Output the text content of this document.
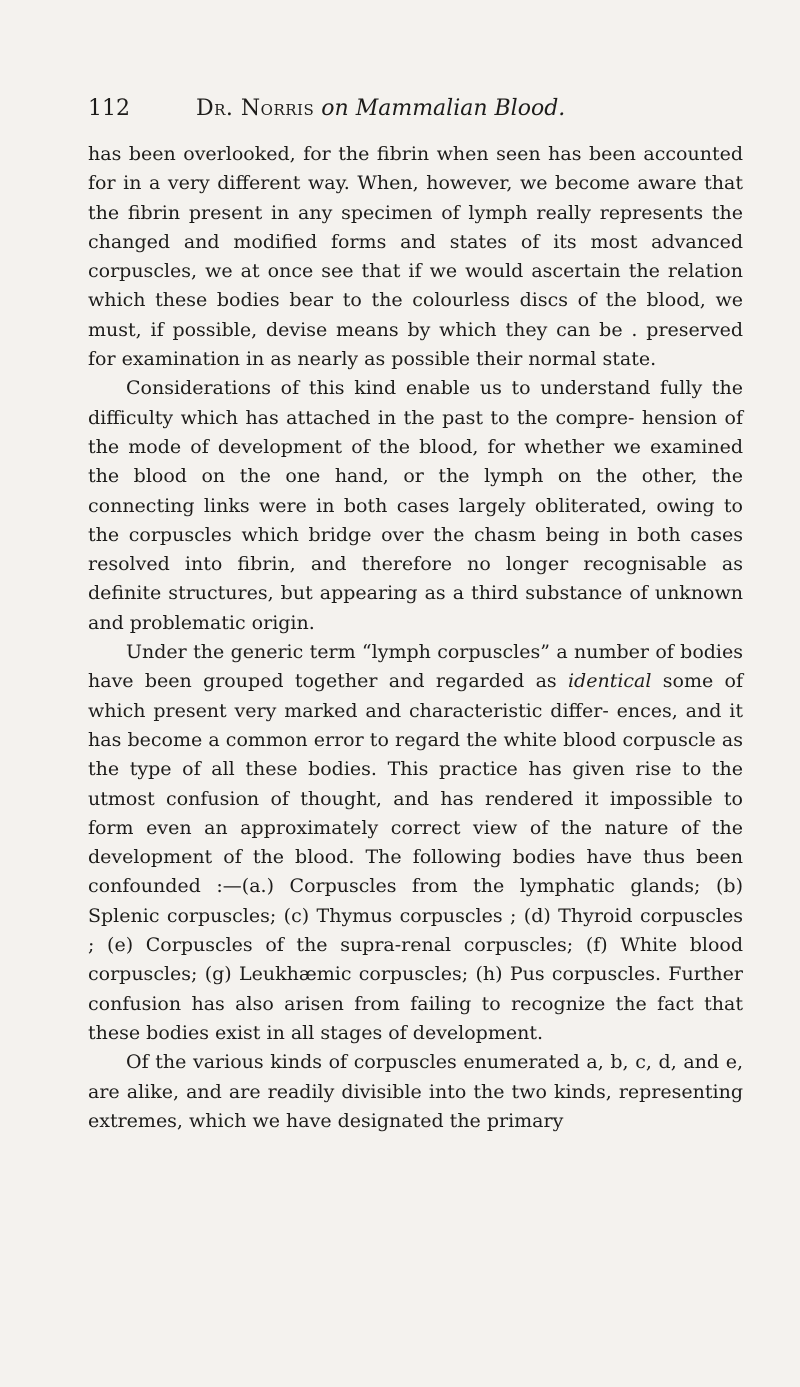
112	Dr. Norris on Mammalian Blood.

has been overlooked, for the fibrin when seen has been accounted for in a very different way. When, however, we become aware that the fibrin present in any specimen of lymph really represents the changed and modified forms and states of its most advanced corpuscles, we at once see that if we would ascertain the relation which these bodies bear to the colourless discs of the blood, we must, if possible, devise means by which they can be . preserved for examination in as nearly as possible their normal state.

Considerations of this kind enable us to understand fully the difficulty which has attached in the past to the compre- hension of the mode of development of the blood, for whether we examined the blood on the one hand, or the lymph on the other, the connecting links were in both cases largely obliterated, owing to the corpuscles which bridge over the chasm being in both cases resolved into fibrin, and therefore no longer recognisable as definite structures, but appearing as a third substance of unknown and problematic origin.

Under the generic term “lymph corpuscles” a number of bodies have been grouped together and regarded as identical some of which present very marked and characteristic differ- ences, and it has become a common error to regard the white blood corpuscle as the type of all these bodies. This practice has given rise to the utmost confusion of thought, and has rendered it impossible to form even an approximately correct view of the nature of the development of the blood. The following bodies have thus been confounded :—(a.) Corpuscles from the lymphatic glands; (b) Splenic corpuscles; (c) Thymus corpuscles ; (d) Thyroid corpuscles ; (e) Corpuscles of the supra-renal corpuscles; (f) White blood corpuscles; (g) Leukhæmic corpuscles; (h) Pus corpuscles. Further confusion has also arisen from failing to recognize the fact that these bodies exist in all stages of development.

Of the various kinds of corpuscles enumerated a, b, c, d, and e, are alike, and are readily divisible into the two kinds, representing extremes, which we have designated the primary
